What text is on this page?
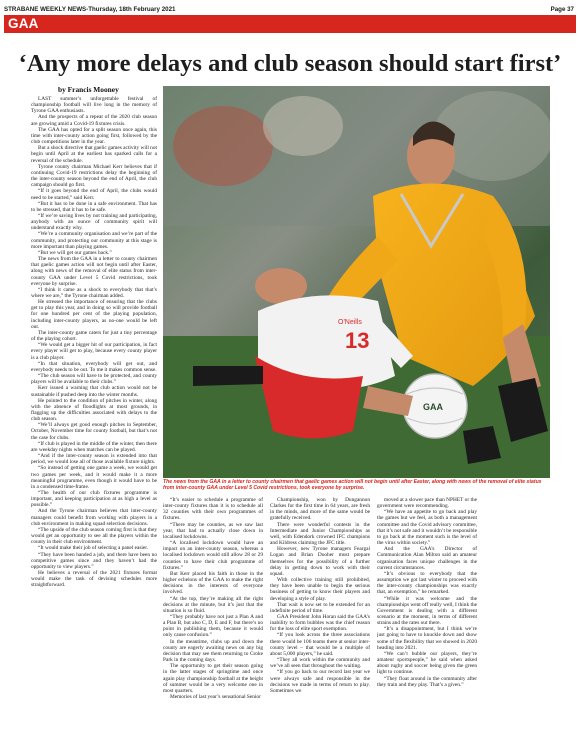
STRABANE WEEKLY NEWS-Thursday, 18th February 2021	Page 37
GAA
‘Any more delays and club season should start first’
by Francis Mooney

LAST summer’s unforgettable festival of championship football will live long in the memory of Tyrone GAA enthusiasts.

And the prospects of a repeat of the 2020 club season are growing amid a Covid-19 fixtures crisis.

The GAA has opted for a split season once again, this time with inter-county action going first, followed by the club competitions later in the year.

But a shock directive that gaelic games activity will not begin until April at the earliest has sparked calls for a reversal of the schedule.

Tyrone county chairman Michael Kerr believes that if continuing Covid-19 restrictions delay the beginning of the inter-county season beyond the end of April, the club campaign should go first.

“If it goes beyond the end of April, the clubs would need to be started,” said Kerr.

“But it has to be done in a safe environment. That has to be stressed, that it has to be safe.

“If we’re saving lives by not training and participating, anybody with an ounce of community spirit will understand exactly why.

“We’re a community organisation and we’re part of the community, and protecting our community at this stage is more important than playing games.

“But we will get our games back.”

The news from the GAA in a letter to county chairmen that gaelic games action will not begin until after Easter, along with news of the removal of elite status from inter-county GAA under Level 5 Covid restrictions, took everyone by surprise.

“I think it came as a shock to everybody that that’s where we are,” the Tyrone chairman added.

He stressed the importance of ensuring that the clubs get to play this year, and in doing so will provide football for one hundred per cent of the playing population, including inter-county players, as no-one would be left out.

The inter-county game caters for just a tiny percentage of the playing cohort.

“We would get a bigger hit of our participation, in fact every player will get to play, because every county player is a club player.

“In that situation, everybody will get out, and everybody needs to be out. To me it makes common sense.

“The club season will have to be protected, and county players will be available to their clubs.”

Kerr issued a warning that club action would not be sustainable if pushed deep into the winter months.

He pointed to the condition of pitches in winter, along with the absence of floodlights at most grounds, in flagging up the difficulties associated with delays to the club season.

“We’ll always get good enough pitches in September, October, November time for county football, but that’s not the case for clubs.

“If club is played in the middle of the winter, then there are weekday nights when matches can be played.

“And if the inter-county season is extended into that period, we would lose all of those available fixture nights.

“So instead of getting one game a week, we would get two games per week, and it would make it a more meaningful programme, even though it would have to be in a condensed time-frame.

“The health of our club fixtures programme is important, and keeping participation at as high a level as possible.”

And the Tyrone chairman believes that inter-county managers could benefit from working with players in a club environment in making squad selection decisions.

“The upside of the club season coming first is that they would get an opportunity to see all the players within the county in their club environment.

“It would make their job of selecting a panel easier.

“They have been handed a job, and there have been no competitive games since and they haven’t had the opportunity to view players.”

He believes a reversal of the 2021 fixtures format would make the task of devising schedules more straightforward.

13
O'Neills
GAA
The news from the GAA in a letter to county chairmen that gaelic games action will not begin until after Easter, along with news of the removal of elite status from inter-county GAA under Level 5 Covid restrictions, took everyone by surprise.

“It’s easier to schedule a programme of inter-county fixtures than it is to schedule all 32 counties with their own programmes of fixtures.

“There may be counties, as we saw last year, that had to actually close down in localised lockdowns.

“A localised lockdown would have an impact on an inter-county season, whereas a localised lockdown would still allow 28 or 29 counties to have their club programme of fixtures.”

But Kerr placed his faith in those in the higher echelons of the GAA to make the right decisions in the interests of everyone involved.

“At the top, they’re making all the right decisions at the minute, but it’s just that the situation is so fluid.

“They probably have not just a Plan A and a Plan B, but also C, D, E and F, but there’s no point in publishing them, because it would only cause confusion.”

In the meantime, clubs up and down the county are eagerly awaiting news on any big decision that may see them returning to Croke Park in the coming days.

The opportunity to get their season going in the latter stages of springtime and once again play championship football at the height of summer would be a very welcome one in most quarters.

Memories of last year’s sensational Senior

Championship, won by Dungannon Clarkes for the first time in 64 years, are fresh in the minds, and more of the same would be gratefully received.

There were wonderful contests in the Intermediate and Junior Championships as well, with Edendork crowned IFC champions and Kildress claiming the JFC title.

However, new Tyrone managers Feargal Logan and Brian Dooher must prepare themselves for the possibility of a further delay in getting down to work with their squad.

With collective training still prohibited, they have been unable to begin the serious business of getting to know their players and developing a style of play.

That wait is now set to be extended for an indefinite period of time.

GAA President John Horan said the GAA’s inability to form bubbles was the chief reason for the loss of elite sport exemption.

“If you look across the three associations there would be 106 teams there at senior inter-county level – that would be a multiple of about 5,000 players,” he said.

“They all work within the community and we’ve all seen that throughout the waiting.

“If you go back to our record last year we were always safe and responsible in the decisions we made in terms of return to play. Sometimes we

moved at a slower pace than NPHET or the government were recommending.

“We have an appetite to go back and play the games but we feel, as both a management committee and the Covid advisory committee, that it’s not safe and it wouldn’t be responsible to go back at the moment such is the level of the virus within society.”

And the GAA’s Director of Communication Alan Milton said an amateur organisation faces unique challenges in the current circumstances.

“It’s obvious to everybody that the assumption we got last winter to proceed with the inter-county championships was exactly that, an exemption,” he remarked.

“While it was welcome and the championships went off really well, I think the Government is dealing with a different scenario at the moment, in terms of different strains and the rates out there.

“It’s a disappointment, but I think we’re just going to have to knuckle down and show some of the flexibility that we showed in 2020 heading into 2021.

“We can’t bubble our players, they’re amateur sportspeople,” he said when asked about rugby and soccer being given the green light to continue.

“They float around in the community after they train and they play. That’s a given.”
